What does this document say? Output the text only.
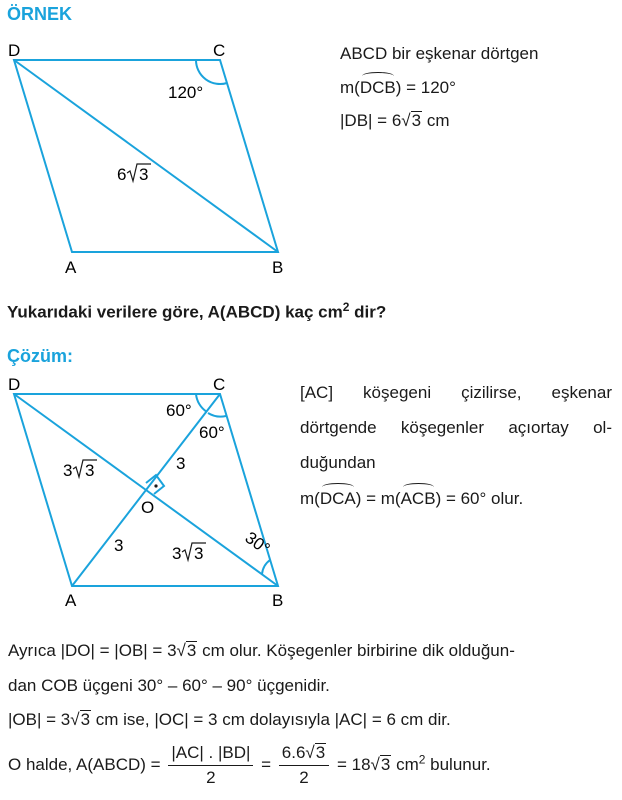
ÖRNEK
D	C
A	B
120°
6 3
ABCD bir eşkenar dörtgen
m(DCB) = 120°
|DB| = 6√3 cm
Yukarıdaki verilere göre, A(ABCD) kaç $cm^2$ dir?
Çözüm:
D	C
A	B
O
60°
60°
3
3
3 3
3 3 30°
[AC] köşegeni çizilirse, eşkenar
dörtgende köşegenler açıortay ol-
duğundan
m(DCA) = m(ACB) = 60° olur.
Ayrıca |DO| = |OB| = 3√3 cm olur. Köşegenler birbirine dik olduğun-
dan COB üçgeni 30° – 60° – 90° üçgenidir.
|OB| = 3√3 cm ise, |OC| = 3 cm dolayısıyla |AC| = 6 cm dir.
O halde, A(ABCD) = $\frac{|AC| . |BD|}{2} = \frac{6.6√3}{2} = 18√3$ $cm^2$ bulunur.
